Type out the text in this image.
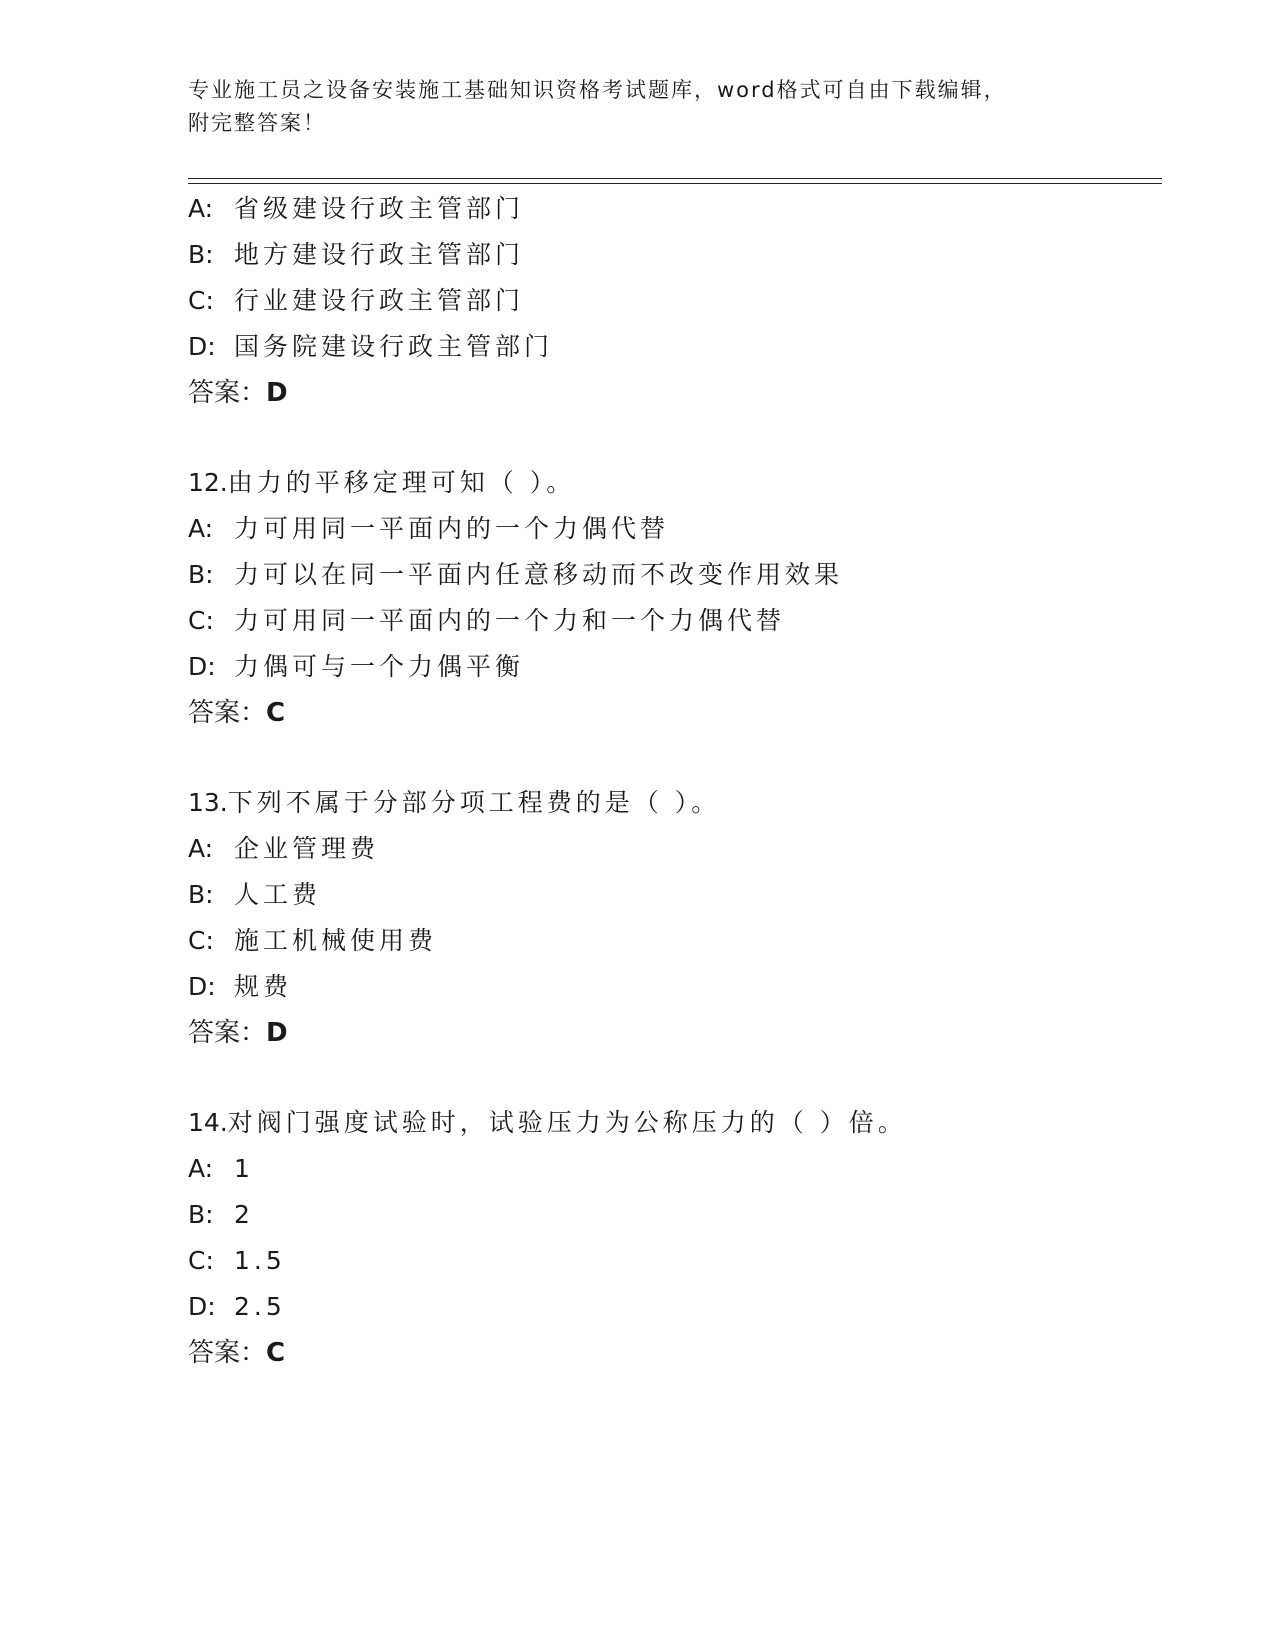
专业施工员之设备安装施工基础知识资格考试题库，word格式可自由下载编辑，
附完整答案！
A: 省级建设行政主管部门
B: 地方建设行政主管部门
C: 行业建设行政主管部门
D: 国务院建设行政主管部门
答案：D
12.由力的平移定理可知（ ）。
A: 力可用同一平面内的一个力偶代替
B: 力可以在同一平面内任意移动而不改变作用效果
C: 力可用同一平面内的一个力和一个力偶代替
D: 力偶可与一个力偶平衡
答案：C
13.下列不属于分部分项工程费的是（ ）。
A: 企业管理费
B: 人工费
C: 施工机械使用费
D: 规费
答案：D
14.对阀门强度试验时，试验压力为公称压力的（ ）倍。
A: 1
B: 2
C: 1.5
D: 2.5
答案：C
